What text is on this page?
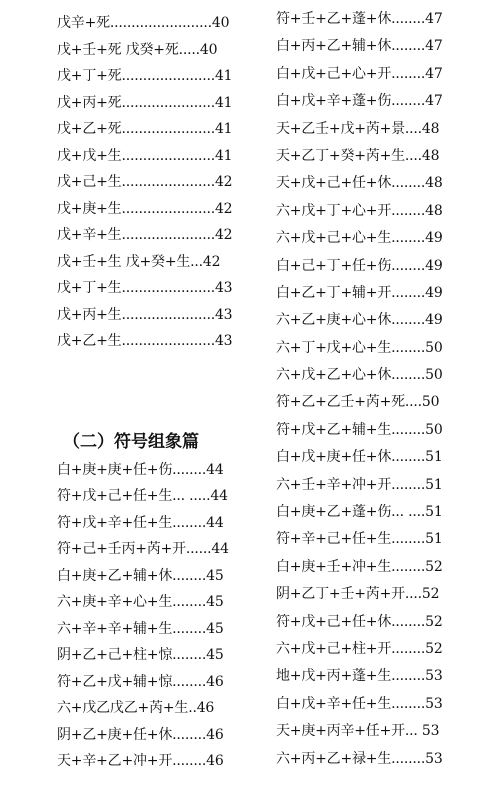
戊辛+死........................40
戊+壬+死 戊癸+死.....40
戊+丁+死......................41
戊+丙+死......................41
戊+乙+死......................41
戊+戊+生......................41
戊+己+生......................42
戊+庚+生......................42
戊+辛+生......................42
戊+壬+生 戊+癸+生...42
戊+丁+生......................43
戊+丙+生......................43
戊+乙+生......................43
（二）符号组象篇
白+庚+庚+任+伤........44
符+戊+己+任+生... .....44
符+戊+辛+任+生........44
符+己+壬丙+芮+开......44
白+庚+乙+辅+休........45
六+庚+辛+心+生........45
六+辛+辛+辅+生........45
阴+乙+己+柱+惊........45
符+乙+戊+辅+惊........46
六+戊乙戊乙+芮+生..46
阴+乙+庚+任+休........46
天+辛+乙+冲+开........46
符+壬+乙+蓬+休........47
白+丙+乙+辅+休........47
白+戊+己+心+开........47
白+戊+辛+蓬+伤........47
天+乙壬+戊+芮+景....48
天+乙丁+癸+芮+生....48
天+戊+己+任+休........48
六+戊+丁+心+开........48
六+戊+己+心+生........49
白+己+丁+任+伤........49
白+乙+丁+辅+开........49
六+乙+庚+心+休........49
六+丁+戊+心+生........50
六+戊+乙+心+休........50
符+乙+乙壬+芮+死....50
符+戊+乙+辅+生........50
白+戊+庚+任+休........51
六+壬+辛+冲+开........51
白+庚+乙+蓬+伤... ....51
符+辛+己+任+生........51
白+庚+壬+冲+生........52
阴+乙丁+壬+芮+开....52
符+戊+己+任+休........52
六+戊+己+柱+开........52
地+戊+丙+蓬+生........53
白+戊+辛+任+生........53
天+庚+丙辛+任+开... 53
六+丙+乙+禄+生........53
